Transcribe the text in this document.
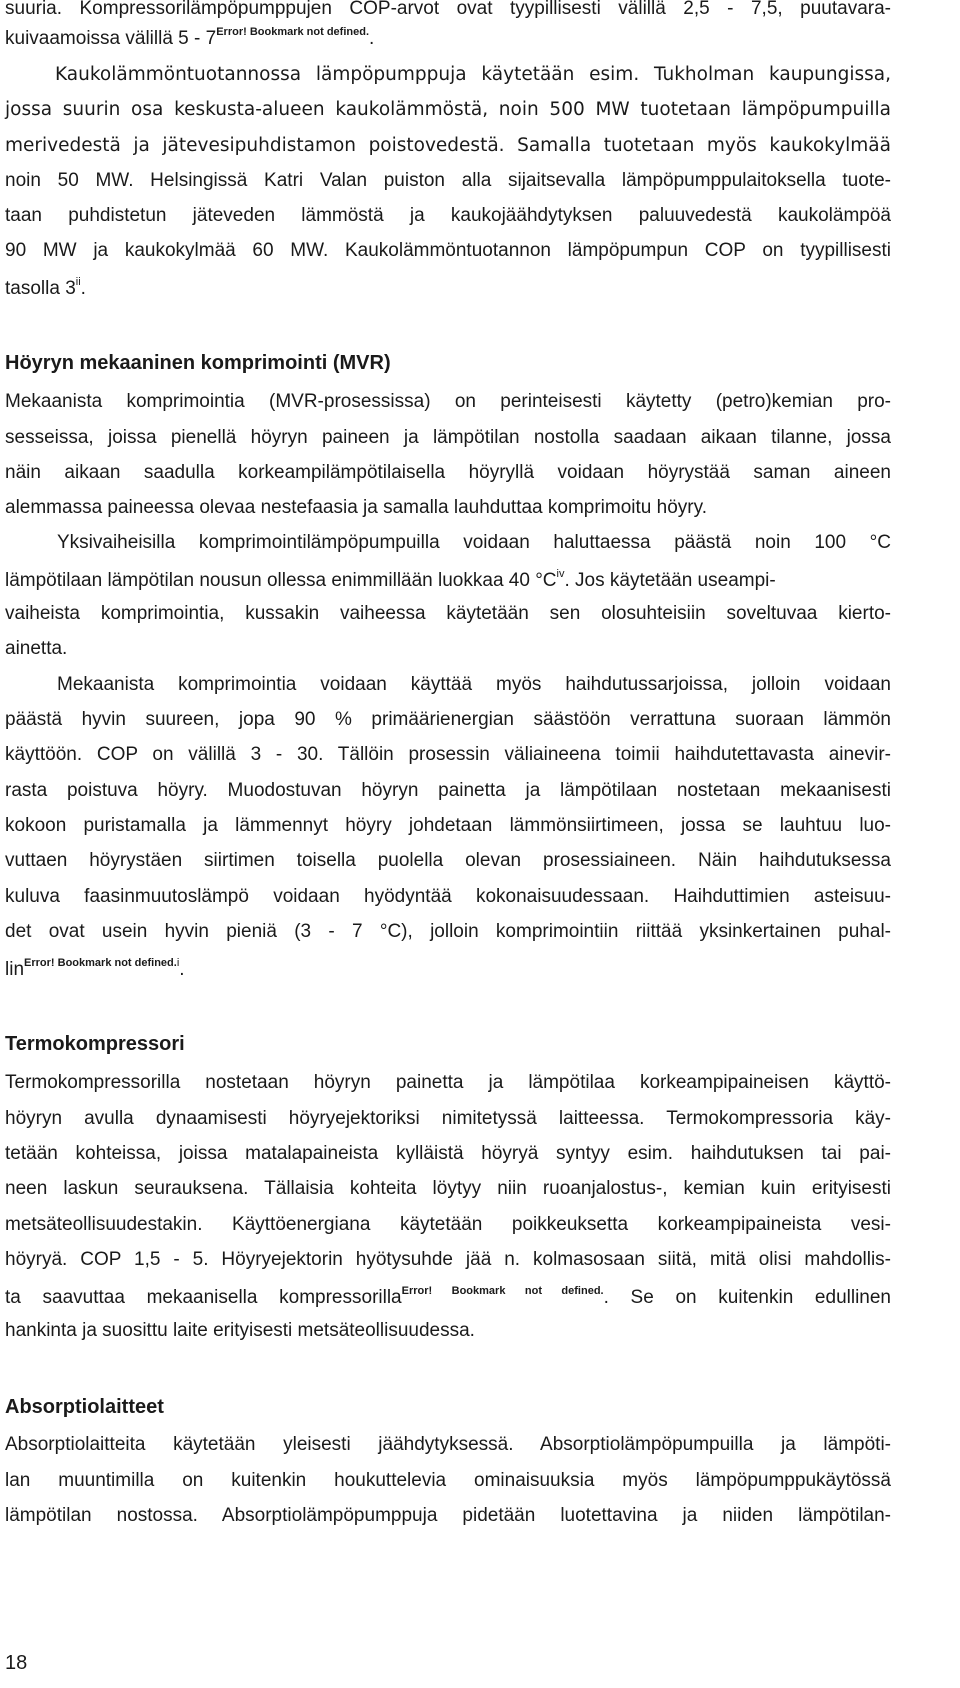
suuria. Kompressorilämpöpumppujen COP-arvot ovat tyypillisesti välillä 2,5 - 7,5, puutavara-
kuivaamoissa välillä $5 - 7^{Error! Bookmark not defined.}$.
Kaukolämmöntuotannossa lämpöpumppuja käytetään esim. Tukholman kaupungissa,
jossa suurin osa keskusta-alueen kaukolämmöstä, noin 500 MW tuotetaan lämpöpumpuilla
merivedestä ja jätevesipuhdistamon poistovedestä. Samalla tuotetaan myös kaukokylmää
noin 50 MW. Helsingissä Katri Valan puiston alla sijaitsevalla lämpöpumppulaitoksella tuote-
taan puhdistetun jäteveden lämmöstä ja kaukojäähdytyksen paluuvedestä kaukolämpöä
90 MW ja kaukokylmää 60 MW. Kaukolämmöntuotannon lämpöpumpun COP on tyypillisesti
tasolla 3$^{ii}$.
Höyryn mekaaninen komprimointi (MVR)
Mekaanista komprimointia (MVR-prosessissa) on perinteisesti käytetty (petro)kemian pro-
sesseissa, joissa pienellä höyryn paineen ja lämpötilan nostolla saadaan aikaan tilanne, jossa
näin aikaan saadulla korkeampilämpötilaisella höyryllä voidaan höyrystää saman aineen
alemmassa paineessa olevaa nestefaasia ja samalla lauhduttaa komprimoitu höyry.
Yksivaiheisilla komprimointilämpöpumpuilla voidaan haluttaessa päästä noin 100 °C
lämpötilaan lämpötilan nousun ollessa enimmillään luokkaa 40 $^\circ C^{iv}$. Jos käytetään useampi-
vaiheista komprimointia, kussakin vaiheessa käytetään sen olosuhteisiin soveltuvaa kierto-
ainetta.
Mekaanista komprimointia voidaan käyttää myös haihdutussarjoissa, jolloin voidaan
päästä hyvin suureen, jopa 90 % primäärienergian säästöön verrattuna suoraan lämmön
käyttöön. COP on välillä 3 - 30. Tällöin prosessin väliaineena toimii haihdutettavasta ainevir-
rasta poistuva höyry. Muodostuvan höyryn painetta ja lämpötilaan nostetaan mekaanisesti
kokoon puristamalla ja lämmennyt höyry johdetaan lämmönsiirtimeen, jossa se lauhtuu luo-
vuttaen höyrystäen siirtimen toisella puolella olevan prosessiaineen. Näin haihdutuksessa
kuluva faasinmuutoslämpö voidaan hyödyntää kokonaisuudessaan. Haihduttimien asteisuu-
det ovat usein hyvin pieniä (3 - 7 °C), jolloin komprimointiin riittää yksinkertainen puhal-
lin$^{Error! Bookmark not defined.i}$.
Termokompressori
Termokompressorilla nostetaan höyryn painetta ja lämpötilaa korkeampipaineisen käyttö-
höyryn avulla dynaamisesti höyryejektoriksi nimitetyssä laitteessa. Termokompressoria käy-
tetään kohteissa, joissa matalapaineista kylläistä höyryä syntyy esim. haihdutuksen tai pai-
neen laskun seurauksena. Tällaisia kohteita löytyy niin ruoanjalostus-, kemian kuin erityisesti
metsäteollisuudestakin. Käyttöenergiana käytetään poikkeuksetta korkeampipaineista vesi-
höyryä. COP 1,5 - 5. Höyryejektorin hyötysuhde jää n. kolmasosaan siitä, mitä olisi mahdollis-
ta saavuttaa mekaanisella kompressorilla$^{Error! Bookmark not defined.}$. Se on kuitenkin edullinen
hankinta ja suosittu laite erityisesti metsäteollisuudessa.
Absorptiolaitteet
Absorptiolaitteita käytetään yleisesti jäähdytyksessä. Absorptiolämpöpumpuilla ja lämpöti-
lan muuntimilla on kuitenkin houkuttelevia ominaisuuksia myös lämpöpumppukäytössä
lämpötilan nostossa. Absorptiolämpöpumppuja pidetään luotettavina ja niiden lämpötilan-
18
